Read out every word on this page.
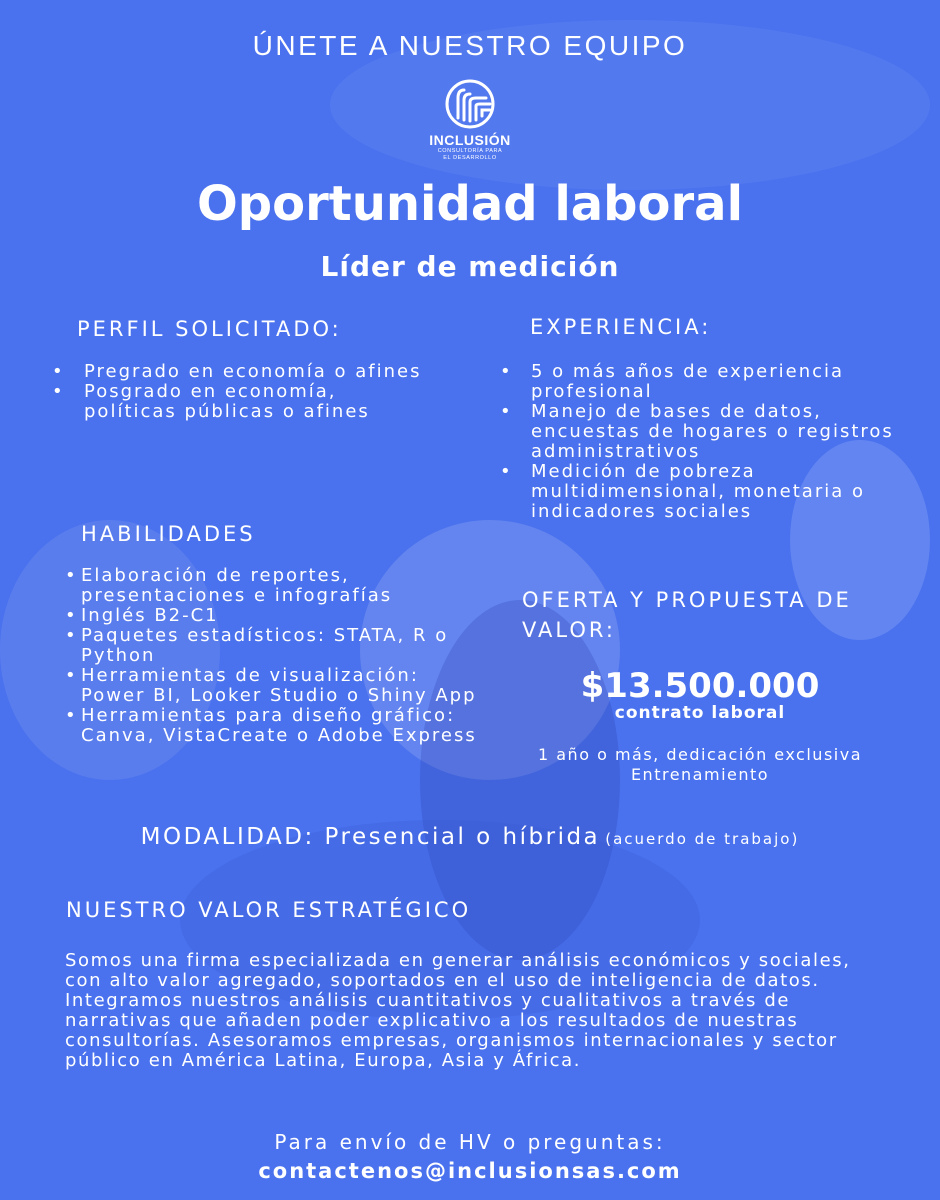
ÚNETE A NUESTRO EQUIPO
INCLUSIÓN
CONSULTORÍA PARA
EL DESARROLLO
Oportunidad laboral
Líder de medición
PERFIL SOLICITADO:
• Pregrado en economía o afines
• Posgrado en economía, políticas públicas o afines
EXPERIENCIA:
• 5 o más años de experiencia profesional
• Manejo de bases de datos, encuestas de hogares o registros administrativos
• Medición de pobreza multidimensional, monetaria o indicadores sociales
HABILIDADES
• Elaboración de reportes, presentaciones e infografías
• Inglés B2-C1
• Paquetes estadísticos: STATA, R o Python
• Herramientas de visualización: Power BI, Looker Studio o Shiny App
• Herramientas para diseño gráfico: Canva, VistaCreate o Adobe Express
OFERTA Y PROPUESTA DE VALOR:
$13.500.000
contrato laboral
1 año o más, dedicación exclusiva
Entrenamiento
MODALIDAD: Presencial o híbrida (acuerdo de trabajo)
NUESTRO VALOR ESTRATÉGICO

Somos una firma especializada en generar análisis económicos y sociales, con alto valor agregado, soportados en el uso de inteligencia de datos. Integramos nuestros análisis cuantitativos y cualitativos a través de narrativas que añaden poder explicativo a los resultados de nuestras consultorías. Asesoramos empresas, organismos internacionales y sector público en América Latina, Europa, Asia y África.

Para envío de HV o preguntas:
contactenos@inclusionsas.com
